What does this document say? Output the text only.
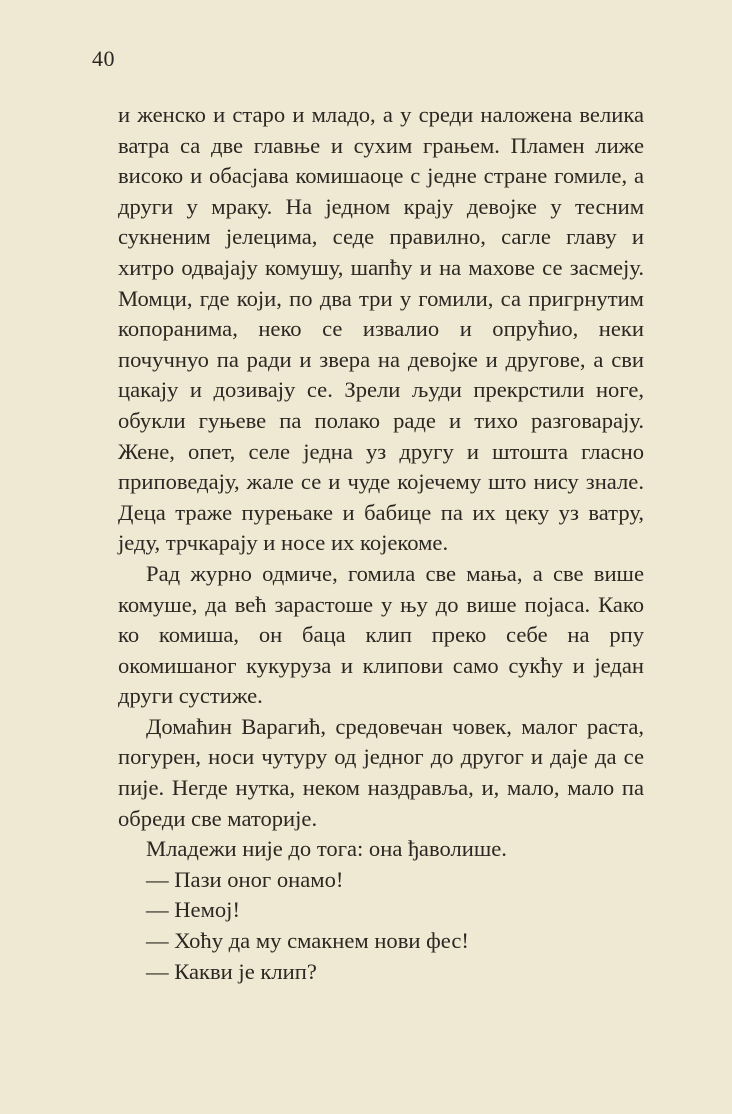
40

и женско и старо и младо, а у среди наложена велика ватра са две главње и сухим грањем. Пламен лиже високо и обасјава комишаоце с једне стране гомиле, а други у мраку. На једном крају девојке у тесним сукненим јелецима, седе правилно, сагле главу и хитро одвајају комушу, шапћу и на махове се засмеју. Момци, где који, по два три у гомили, са пригрнутим копоранима, неко се извалио и опрућио, неки почучнуо па ради и звера на девојке и другове, а сви цакају и дозивају се. Зрели људи прекрстили ноге, обукли гуњеве па полако раде и тихо разговарају. Жене, опет, селе једна уз другу и штошта гласно приповедају, жале се и чуде којечему што нису знале. Деца траже пурењаке и бабице па их цеку уз ватру, једу, трчкарају и носе их којекоме.

Рад журно одмиче, гомила све мања, а све више комуше, да већ зарастоше у њу до више појаса. Како ко комиша, он баца клип преко себе на рпу окомишаног кукуруза и клипови само сукћу и један други сустиже.

Домаћин Варагић, средовечан човек, малог раста, погурен, носи чутуру од једног до другог и даје да се пије. Негде нутка, неком наздравља, и, мало, мало па обреди све маторије.

Младежи није до тога: она ђаволише.

— Пази оног онамо!

— Немој!

— Хоћу да му смакнем нови фес!

— Какви је клип?
